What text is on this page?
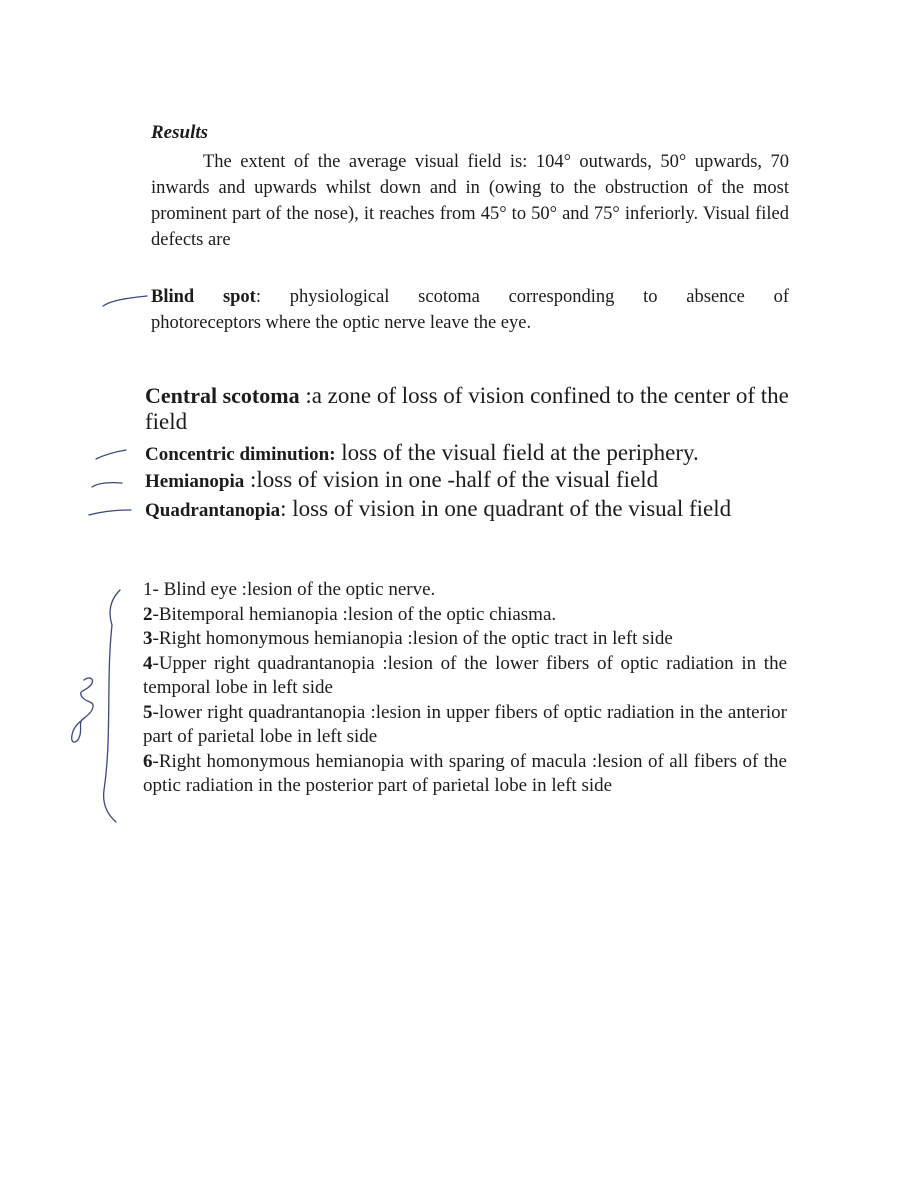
Results
The extent of the average visual field is: 104° outwards, 50° upwards, 70 inwards and upwards whilst down and in (owing to the obstruction of the most prominent part of the nose), it reaches from 45° to 50° and 75° inferiorly. Visual filed defects are
Blind spot: physiological scotoma corresponding to absence of
photoreceptors where the optic nerve leave the eye.
Central scotoma :a zone of loss of vision confined to the center of the field
Concentric diminution: loss of the visual field at the periphery.
Hemianopia :loss of vision in one -half of the visual field
Quadrantanopia: loss of vision in one quadrant of the visual field
1- Blind eye :lesion of the optic nerve.
2-Bitemporal hemianopia :lesion of the optic chiasma.
3-Right homonymous hemianopia :lesion of the optic tract in left side
4-Upper right quadrantanopia :lesion of the lower fibers of optic radiation in the temporal lobe in left side
5-lower right quadrantanopia :lesion in upper fibers of optic radiation in the anterior part of parietal lobe in left side
6-Right homonymous hemianopia with sparing of macula :lesion of all fibers of the optic radiation in the posterior part of parietal lobe in left side
